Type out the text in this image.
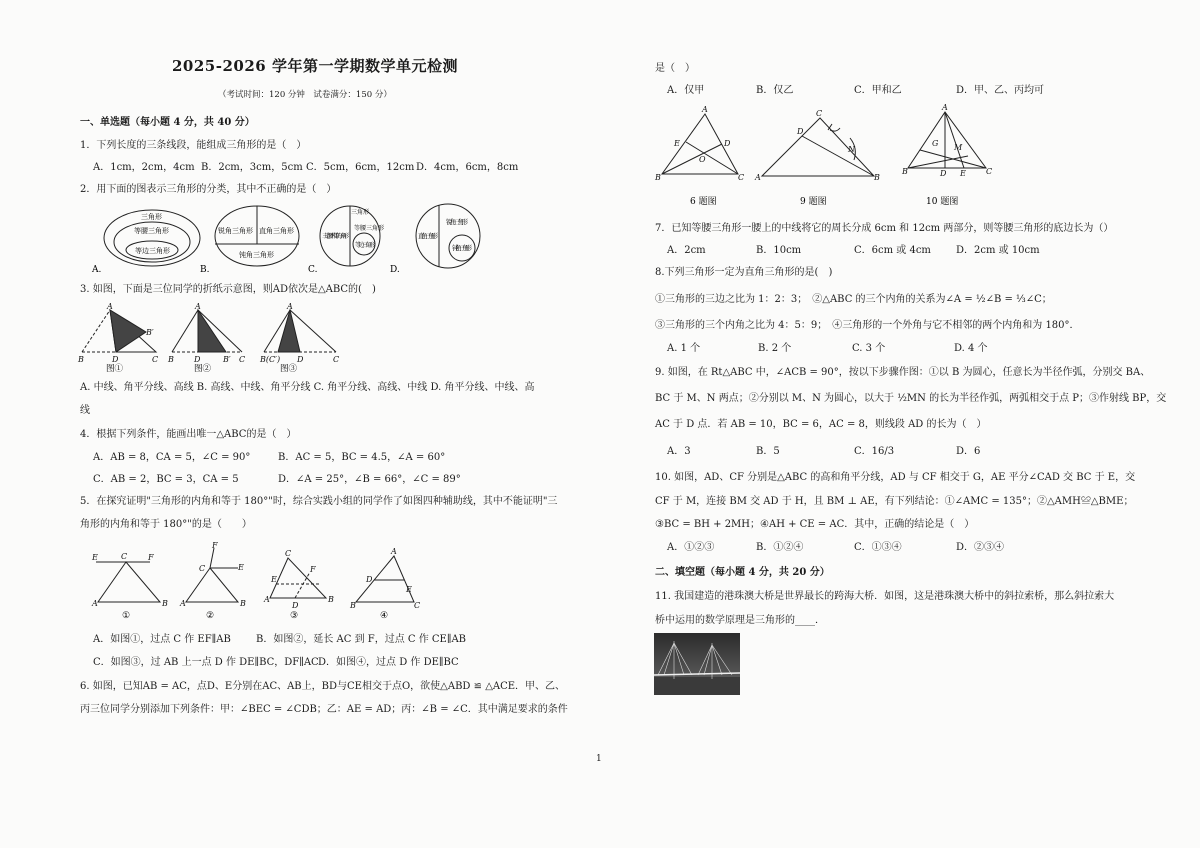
2025-2026 学年第一学期数学单元检测
（考试时间：120 分钟　试卷满分：150 分）
一、单选题（每小题 4 分，共 40 分）
1．下列长度的三条线段，能组成三角形的是（　）
A．1cm，2cm，4cm B．2cm，3cm，5cm C．5cm，6cm，12cm D．4cm，6cm，8cm
2．用下面的图表示三角形的分类，其中不正确的是（　）
三角形
等腰三角形
等边三角形
A.
锐角三角形 直角三角形
钝角三角形
B.
三角形
三边都不相等的三角形
等腰三角形
等边三角形
C.
直角三角形
锐角三角形
钝角三角形
D.
3. 如图，下面是三位同学的折纸示意图，则AD依次是△ABC的(　)
A
B′
B	D	C
A
B	D	B′ C
A
B(C′) D	C
图①	图②	图③
A. 中线、角平分线、高线 B. 高线、中线、角平分线 C. 角平分线、高线、中线 D. 角平分线、中线、高
线
4．根据下列条件，能画出唯一△ABC的是（　）
A．AB = 8，CA = 5，∠C = 90°	B．AC = 5，BC = 4.5，∠A = 60°
C．AB = 2，BC = 3，CA = 5	D．∠A = 25°，∠B = 66°，∠C = 89°
5．在探究证明"三角形的内角和等于 180°"时，综合实践小组的同学作了如图四种辅助线，其中不能证明"三
角形的内角和等于 180°"的是（　　）
E	C	F
A	B
F
C	E
A	B
C
E
F
A
D
B
A
D
E
B	C
①	②	③	④
A．如图①，过点 C 作 EF∥AB	B．如图②，延长 AC 到 F，过点 C 作 CE∥AB
C．如图③，过 AB 上一点 D 作 DE∥BC，DF∥AC D．如图④，过点 D 作 DE∥BC
6. 如图，已知AB = AC，点D、E分别在AC、AB上，BD与CE相交于点O，欲使△ABD ≌ △ACE．甲、乙、
丙三位同学分别添加下列条件：甲：∠BEC = ∠CDB；乙：AE = AD；丙：∠B = ∠C．其中满足要求的条件
1
是（　）
A．仅甲	B．仅乙	C．甲和乙	D．甲、乙、丙均可
A
E	D
O
B	C
C
D
A	B
N
A
G M
B	D E	C
6 题图	9 题图	10 题图
7．已知等腰三角形一腰上的中线将它的周长分成 6cm 和 12cm 两部分，则等腰三角形的底边长为（）
A．2cm	B．10cm	C．6cm 或 4cm	D．2cm 或 10cm
8.下列三角形一定为直角三角形的是(　)
①三角形的三边之比为 1：2：3；　②△ABC 的三个内角的关系为∠A = ½∠B = ⅓∠C；
③三角形的三个内角之比为 4：5：9；　④三角形的一个外角与它不相邻的两个内角和为 180°．
A. 1 个	B. 2 个	C. 3 个	D. 4 个
9. 如图，在 Rt△ABC 中，∠ACB = 90°，按以下步骤作图：①以 B 为圆心，任意长为半径作弧，分别交 BA、
BC 于 M、N 两点；②分别以 M、N 为圆心，以大于 ½MN 的长为半径作弧，两弧相交于点 P；③作射线 BP，交
AC 于 D 点．若 AB = 10，BC = 6，AC = 8，则线段 AD 的长为（　）
A．3	B．5	C．16/3	D．6
10. 如图，AD、CF 分别是△ABC 的高和角平分线，AD 与 CF 相交于 G，AE 平分∠CAD 交 BC 于 E，交
CF 于 M，连接 BM 交 AD 于 H，且 BM ⊥ AE，有下列结论：①∠AMC = 135°；②△AMH≌△BME；
③BC = BH + 2MH；④AH + CE = AC．其中，正确的结论是（　）
A．①②③	B．①②④	C．①③④	D．②③④
二、填空题（每小题 4 分，共 20 分）
11. 我国建造的港珠澳大桥是世界最长的跨海大桥．如图，这是港珠澳大桥中的斜拉索桥，那么斜拉索大
桥中运用的数学原理是三角形的____．
